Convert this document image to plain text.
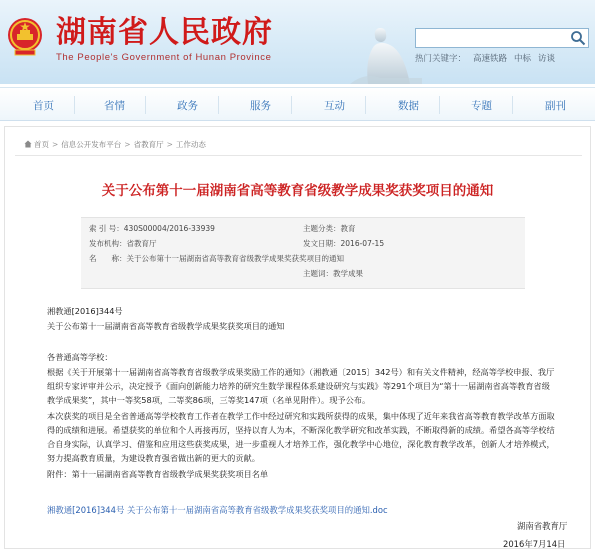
湖南省人民政府
The People's Government of Hunan Province	热门关键字： 高速铁路 中标 访谈
首页	省情	政务	服务	互动	数据	专题	副刊
首页 > 信息公开发布平台 > 省教育厅 > 工作动态
关于公布第十一届湖南省高等教育省级教学成果奖获奖项目的通知
索 引 号：430S00004/2016-33939	主题分类：教育
发布机构：省教育厅	发文日期：2016-07-15
名　　称：关于公布第十一届湖南省高等教育省级教学成果奖获奖项目的通知
主题词：教学成果
湘教通[2016]344号
关于公布第十一届湖南省高等教育省级教学成果奖获奖项目的通知
各普通高等学校：
根据《关于开展第十一届湖南省高等教育省级教学成果奖励工作的通知》（湘教通〔2015〕342号）和有关文件精神，经高等学校申报、我厅
组织专家评审并公示，决定授予《面向创新能力培养的研究生数学课程体系建设研究与实践》等291个项目为“第十一届湖南省高等教育省级
教学成果奖”，其中一等奖58项，二等奖86项，三等奖147项（名单见附件）。现予公布。
本次获奖的项目是全省普通高等学校教育工作者在教学工作中经过研究和实践所获得的成果，集中体现了近年来我省高等教育教学改革方面取
得的成绩和进展。希望获奖的单位和个人再接再厉，坚持以育人为本，不断深化教学研究和改革实践，不断取得新的成绩。希望各高等学校结
合自身实际，认真学习、借鉴和应用这些获奖成果，进一步重视人才培养工作，强化教学中心地位，深化教育教学改革，创新人才培养模式，
努力提高教育质量，为建设教育强省做出新的更大的贡献。
附件：第十一届湖南省高等教育省级教学成果奖获奖项目名单
湘教通[2016]344号 关于公布第十一届湖南省高等教育省级教学成果奖获奖项目的通知.doc
湖南省教育厅
2016年7月14日
